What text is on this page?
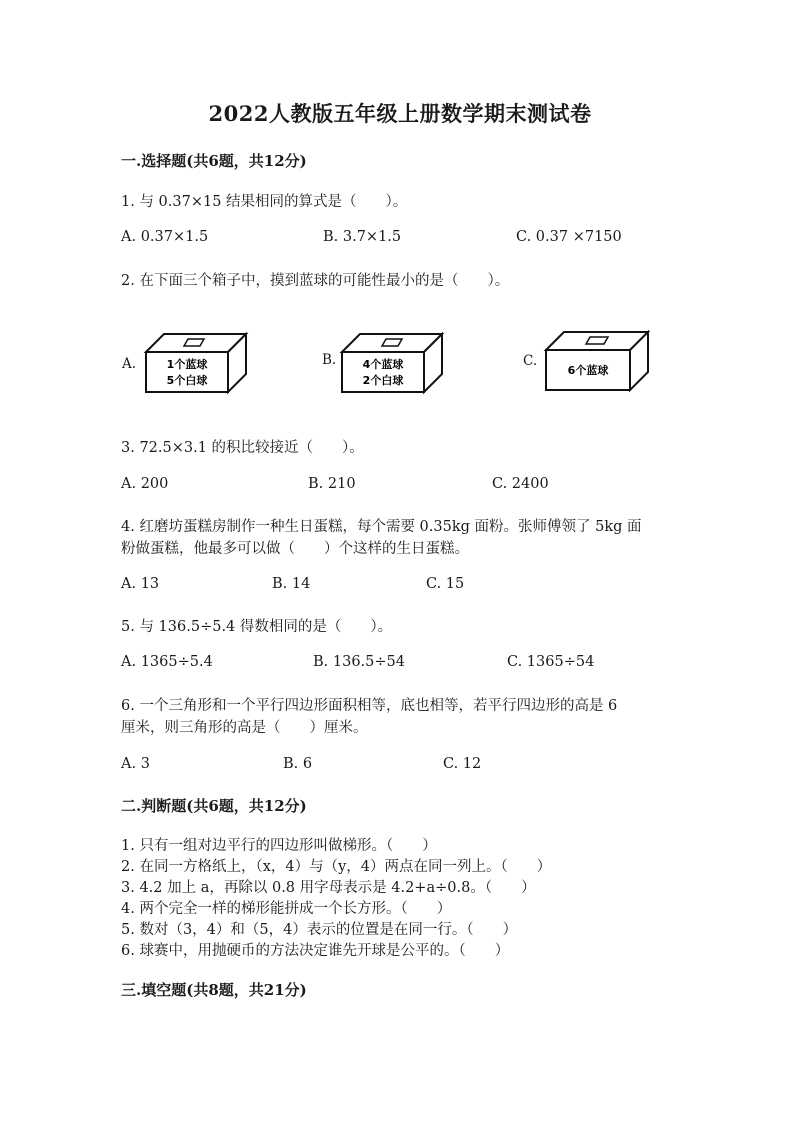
2022人教版五年级上册数学期末测试卷
一.选择题(共6题，共12分)
1. 与 0.37×15 结果相同的算式是（　　）。
A. 0.37×1.5	B. 3.7×1.5	C. 0.37 ×7150
2. 在下面三个箱子中，摸到蓝球的可能性最小的是（　　）。
A.	1个蓝球
5个白球
B. 4个蓝球
2个白球
C.
6个蓝球
3. 72.5×3.1 的积比较接近（　　）。
A. 200	B. 210	C. 2400
4. 红磨坊蛋糕房制作一种生日蛋糕，每个需要 0.35kg 面粉。张师傅领了 5kg 面
粉做蛋糕，他最多可以做（　　）个这样的生日蛋糕。
A. 13	B. 14	C. 15
5. 与 136.5÷5.4 得数相同的是（　　）。
A. 1365÷5.4	B. 136.5÷54	C. 1365÷54
6. 一个三角形和一个平行四边形面积相等，底也相等，若平行四边形的高是 6
厘米，则三角形的高是（　　）厘米。
A. 3	B. 6	C. 12
二.判断题(共6题，共12分)
1. 只有一组对边平行的四边形叫做梯形。（　　）
2. 在同一方格纸上，（x，4）与（y，4）两点在同一列上。（　　）
3. 4.2 加上 a，再除以 0.8 用字母表示是 4.2+a÷0.8。（　　）
4. 两个完全一样的梯形能拼成一个长方形。（　　）
5. 数对（3，4）和（5，4）表示的位置是在同一行。（　　）
6. 球赛中，用抛硬币的方法决定谁先开球是公平的。（　　）
三.填空题(共8题，共21分)
